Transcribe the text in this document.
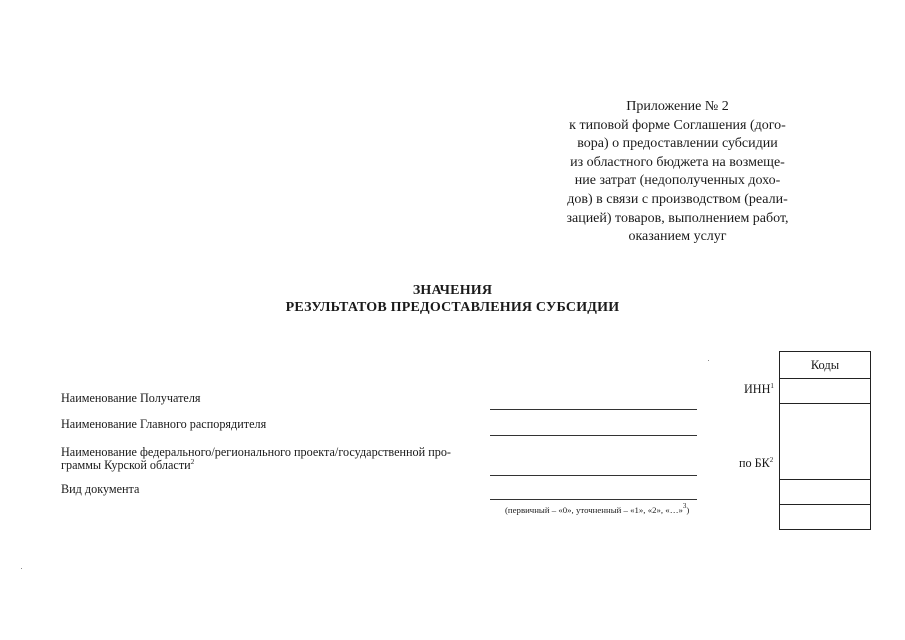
Приложение № 2
к типовой форме Соглашения (дого-
вора) о предоставлении субсидии
из областного бюджета на возмеще-
ние затрат (недополученных дохо-
дов) в связи с производством (реали-
зацией) товаров, выполнением работ,
оказанием услуг
ЗНАЧЕНИЯ
РЕЗУЛЬТАТОВ ПРЕДОСТАВЛЕНИЯ СУБСИДИИ
Наименование Получателя
Наименование Главного распорядителя
Наименование федерального/регионального проекта/государственной про-
граммы Курской области$^2$
Вид документа
(первичный – «0», уточненный – «1», «2», «…»$^3$)
ИНН$^1$
по $БК^2$
Коды
